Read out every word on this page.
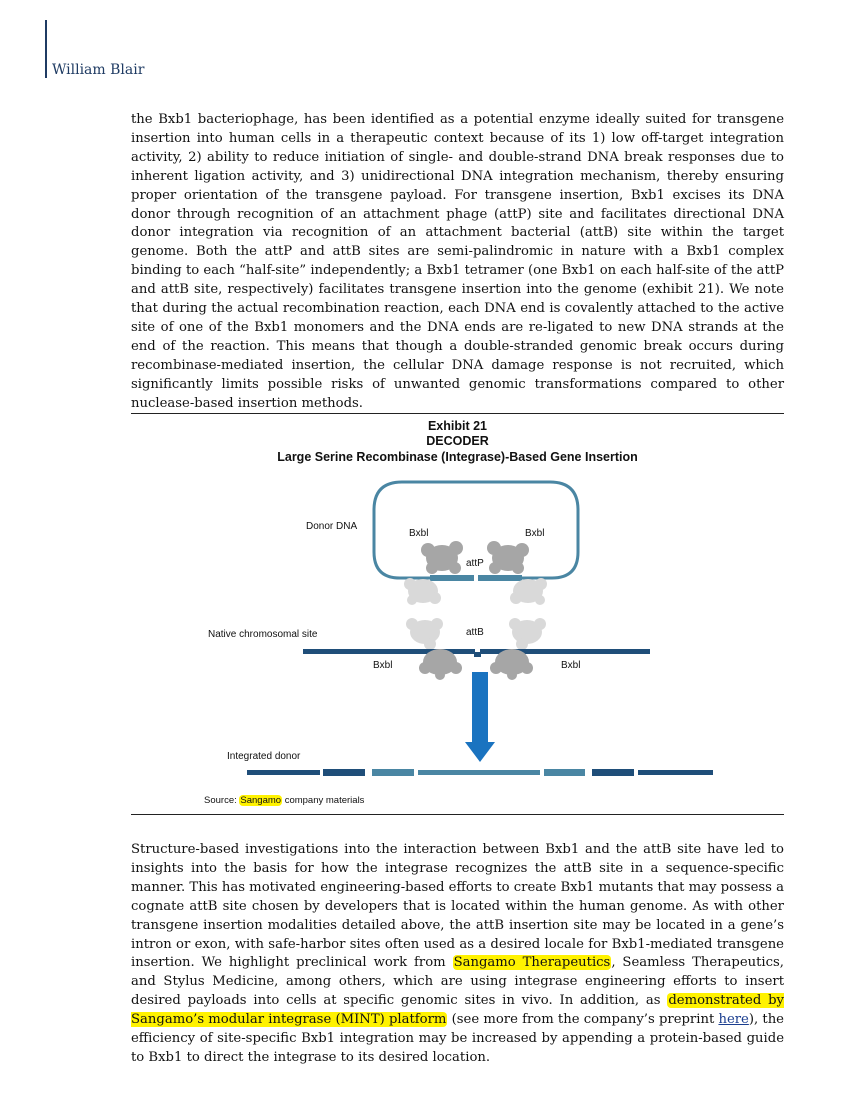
William Blair
the Bxb1 bacteriophage, has been identified as a potential enzyme ideally suited for transgene insertion into human cells in a therapeutic context because of its 1) low off-target integration activity, 2) ability to reduce initiation of single- and double-strand DNA break responses due to inherent ligation activity, and 3) unidirectional DNA integration mechanism, thereby ensuring proper orientation of the transgene payload. For transgene insertion, Bxb1 excises its DNA donor through recognition of an attachment phage (attP) site and facilitates directional DNA donor integration via recognition of an attachment bacterial (attB) site within the target genome. Both the attP and attB sites are semi-palindromic in nature with a Bxb1 complex binding to each “half-site” independently; a Bxb1 tetramer (one Bxb1 on each half-site of the attP and attB site, respectively) facilitates transgene insertion into the genome (exhibit 21). We note that during the actual recombination reaction, each DNA end is covalently attached to the active site of one of the Bxb1 monomers and the DNA ends are re-ligated to new DNA strands at the end of the reaction. This means that though a double-stranded genomic break occurs during recombinase-mediated insertion, the cellular DNA damage response is not recruited, which significantly limits possible risks of unwanted genomic transformations compared to other nuclease-based insertion methods.
Exhibit 21
DECODER
Large Serine Recombinase (Integrase)-Based Gene Insertion
Donor DNA
Bxbl	Bxbl
attP
Native chromosomal site	attB
Bxbl	Bxbl
Integrated donor
Source: Sangamo company materials
Structure-based investigations into the interaction between Bxb1 and the attB site have led to insights into the basis for how the integrase recognizes the attB site in a sequence-specific manner. This has motivated engineering-based efforts to create Bxb1 mutants that may possess a cognate attB site chosen by developers that is located within the human genome. As with other transgene insertion modalities detailed above, the attB insertion site may be located in a gene’s intron or exon, with safe-harbor sites often used as a desired locale for Bxb1-mediated transgene insertion. We highlight preclinical work from Sangamo Therapeutics, Seamless Therapeutics, and Stylus Medicine, among others, which are using integrase engineering efforts to insert desired payloads into cells at specific genomic sites in vivo. In addition, as demonstrated by Sangamo’s modular integrase (MINT) platform (see more from the company’s preprint here), the efficiency of site-specific Bxb1 integration may be increased by appending a protein-based guide to Bxb1 to direct the integrase to its desired location.
